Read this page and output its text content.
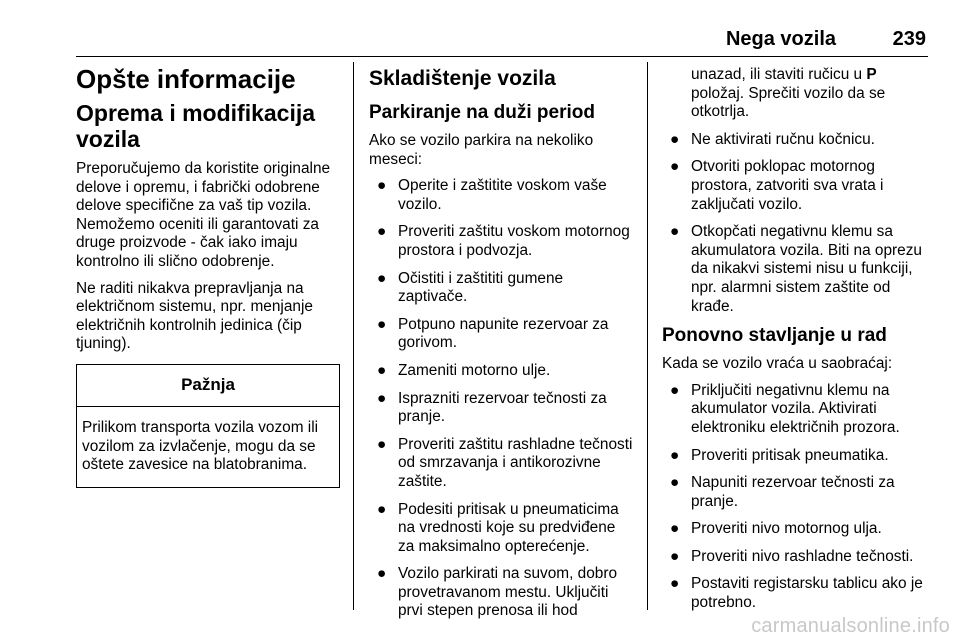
Nega vozila	239
Opšte informacije
Oprema i modifikacija vozila

Preporučujemo da koristite originalne delove i opremu, i fabrički odobrene delove specifične za vaš tip vozila. Nemožemo oceniti ili garantovati za druge proizvode - čak iako imaju kontrolno ili slično odobrenje.

Ne raditi nikakva prepravljanja na električnom sistemu, npr. menjanje električnih kontrolnih jedinica (čip tjuning).

Pažnja
Prilikom transporta vozila vozom ili vozilom za izvlačenje, mogu da se oštete zavesice na blatobranima.
Skladištenje vozila
Parkiranje na duži period

Ako se vozilo parkira na nekoliko meseci:

● Operite i zaštitite voskom vaše vozilo.
● Proveriti zaštitu voskom motornog prostora i podvozja.
● Očistiti i zaštititi gumene zaptivače.
● Potpuno napunite rezervoar za gorivom.
● Zameniti motorno ulje.
● Isprazniti rezervoar tečnosti za pranje.
● Proveriti zaštitu rashladne tečnosti od smrzavanja i antikorozivne zaštite.
● Podesiti pritisak u pneumaticima na vrednosti koje su predviđene za maksimalno opterećenje.
● Vozilo parkirati na suvom, dobro provetravanom mestu. Uključiti prvi stepen prenosa ili hod
unazad, ili staviti ručicu u P položaj. Sprečiti vozilo da se otkotrlja.
● Ne aktivirati ručnu kočnicu.
● Otvoriti poklopac motornog prostora, zatvoriti sva vrata i zaključati vozilo.
● Otkopčati negativnu klemu sa akumulatora vozila. Biti na oprezu da nikakvi sistemi nisu u funkciji, npr. alarmni sistem zaštite od krađe.
Ponovno stavljanje u rad

Kada se vozilo vraća u saobraćaj:

● Priključiti negativnu klemu na akumulator vozila. Aktivirati elektroniku električnih prozora.
● Proveriti pritisak pneumatika.
● Napuniti rezervoar tečnosti za pranje.
● Proveriti nivo motornog ulja.
● Proveriti nivo rashladne tečnosti.
● Postaviti registarsku tablicu ako je potrebno.
carmanualsonline.info
